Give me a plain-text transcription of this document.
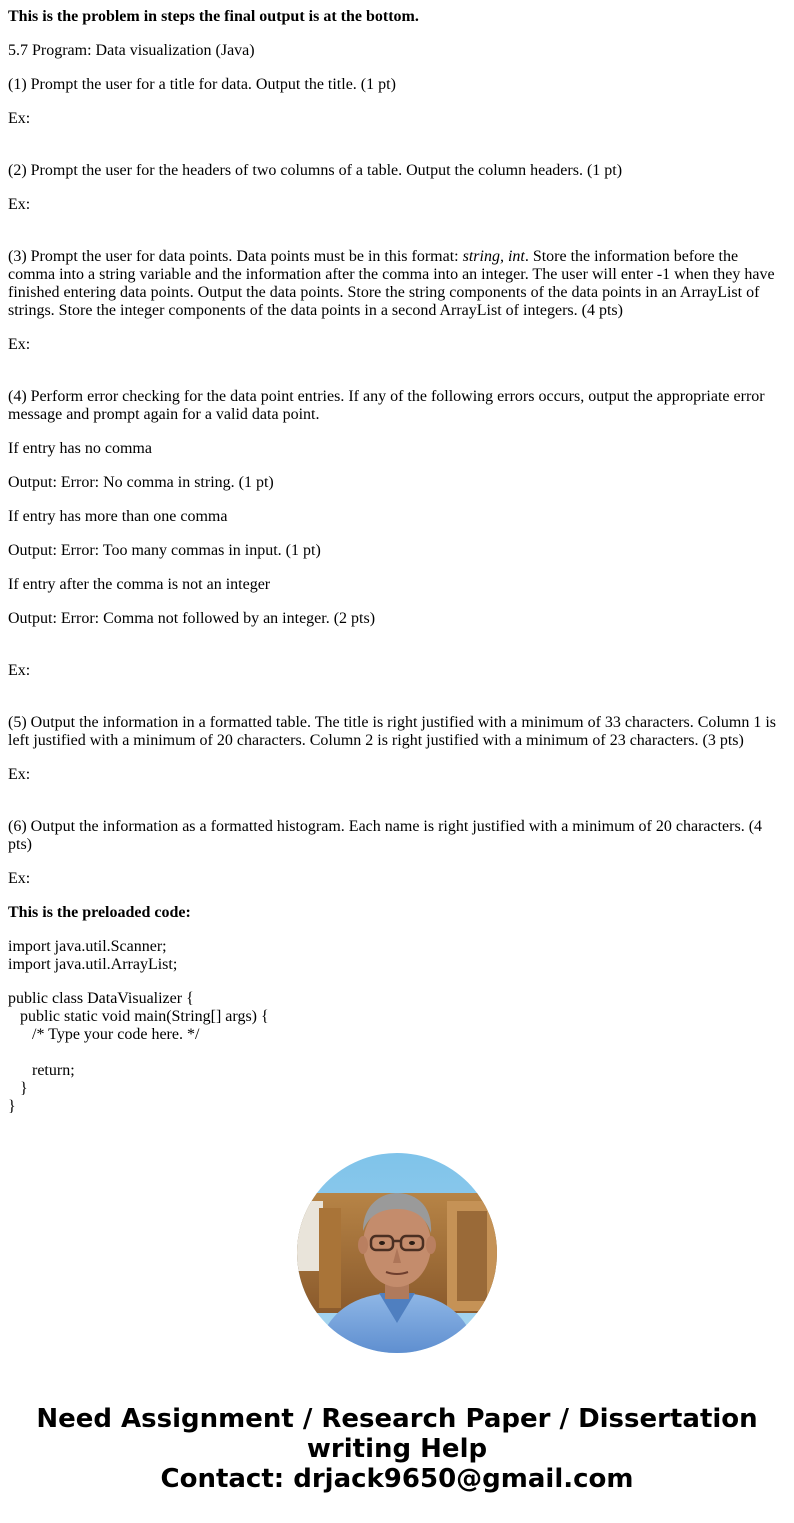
This is the problem in steps the final output is at the bottom.

5.7 Program: Data visualization (Java)

(1) Prompt the user for a title for data. Output the title. (1 pt)

Ex:

(2) Prompt the user for the headers of two columns of a table. Output the column headers. (1 pt)

Ex:

(3) Prompt the user for data points. Data points must be in this format: string, int. Store the information before the comma into a string variable and the information after the comma into an integer. The user will enter -1 when they have finished entering data points. Output the data points. Store the string components of the data points in an ArrayList of strings. Store the integer components of the data points in a second ArrayList of integers. (4 pts)

Ex:

(4) Perform error checking for the data point entries. If any of the following errors occurs, output the appropriate error message and prompt again for a valid data point.

If entry has no comma

Output: Error: No comma in string. (1 pt)

If entry has more than one comma

Output: Error: Too many commas in input. (1 pt)

If entry after the comma is not an integer

Output: Error: Comma not followed by an integer. (2 pts)

Ex:

(5) Output the information in a formatted table. The title is right justified with a minimum of 33 characters. Column 1 is left justified with a minimum of 20 characters. Column 2 is right justified with a minimum of 23 characters. (3 pts)

Ex:

(6) Output the information as a formatted histogram. Each name is right justified with a minimum of 20 characters. (4 pts)

Ex:

This is the preloaded code:

import java.util.Scanner;

import java.util.ArrayList;

public class DataVisualizer {

public static void main(String[] args) {

/* Type your code here. */

return;

}

}

Need Assignment / Research Paper / Dissertation
writing Help
Contact: drjack9650@gmail.com
